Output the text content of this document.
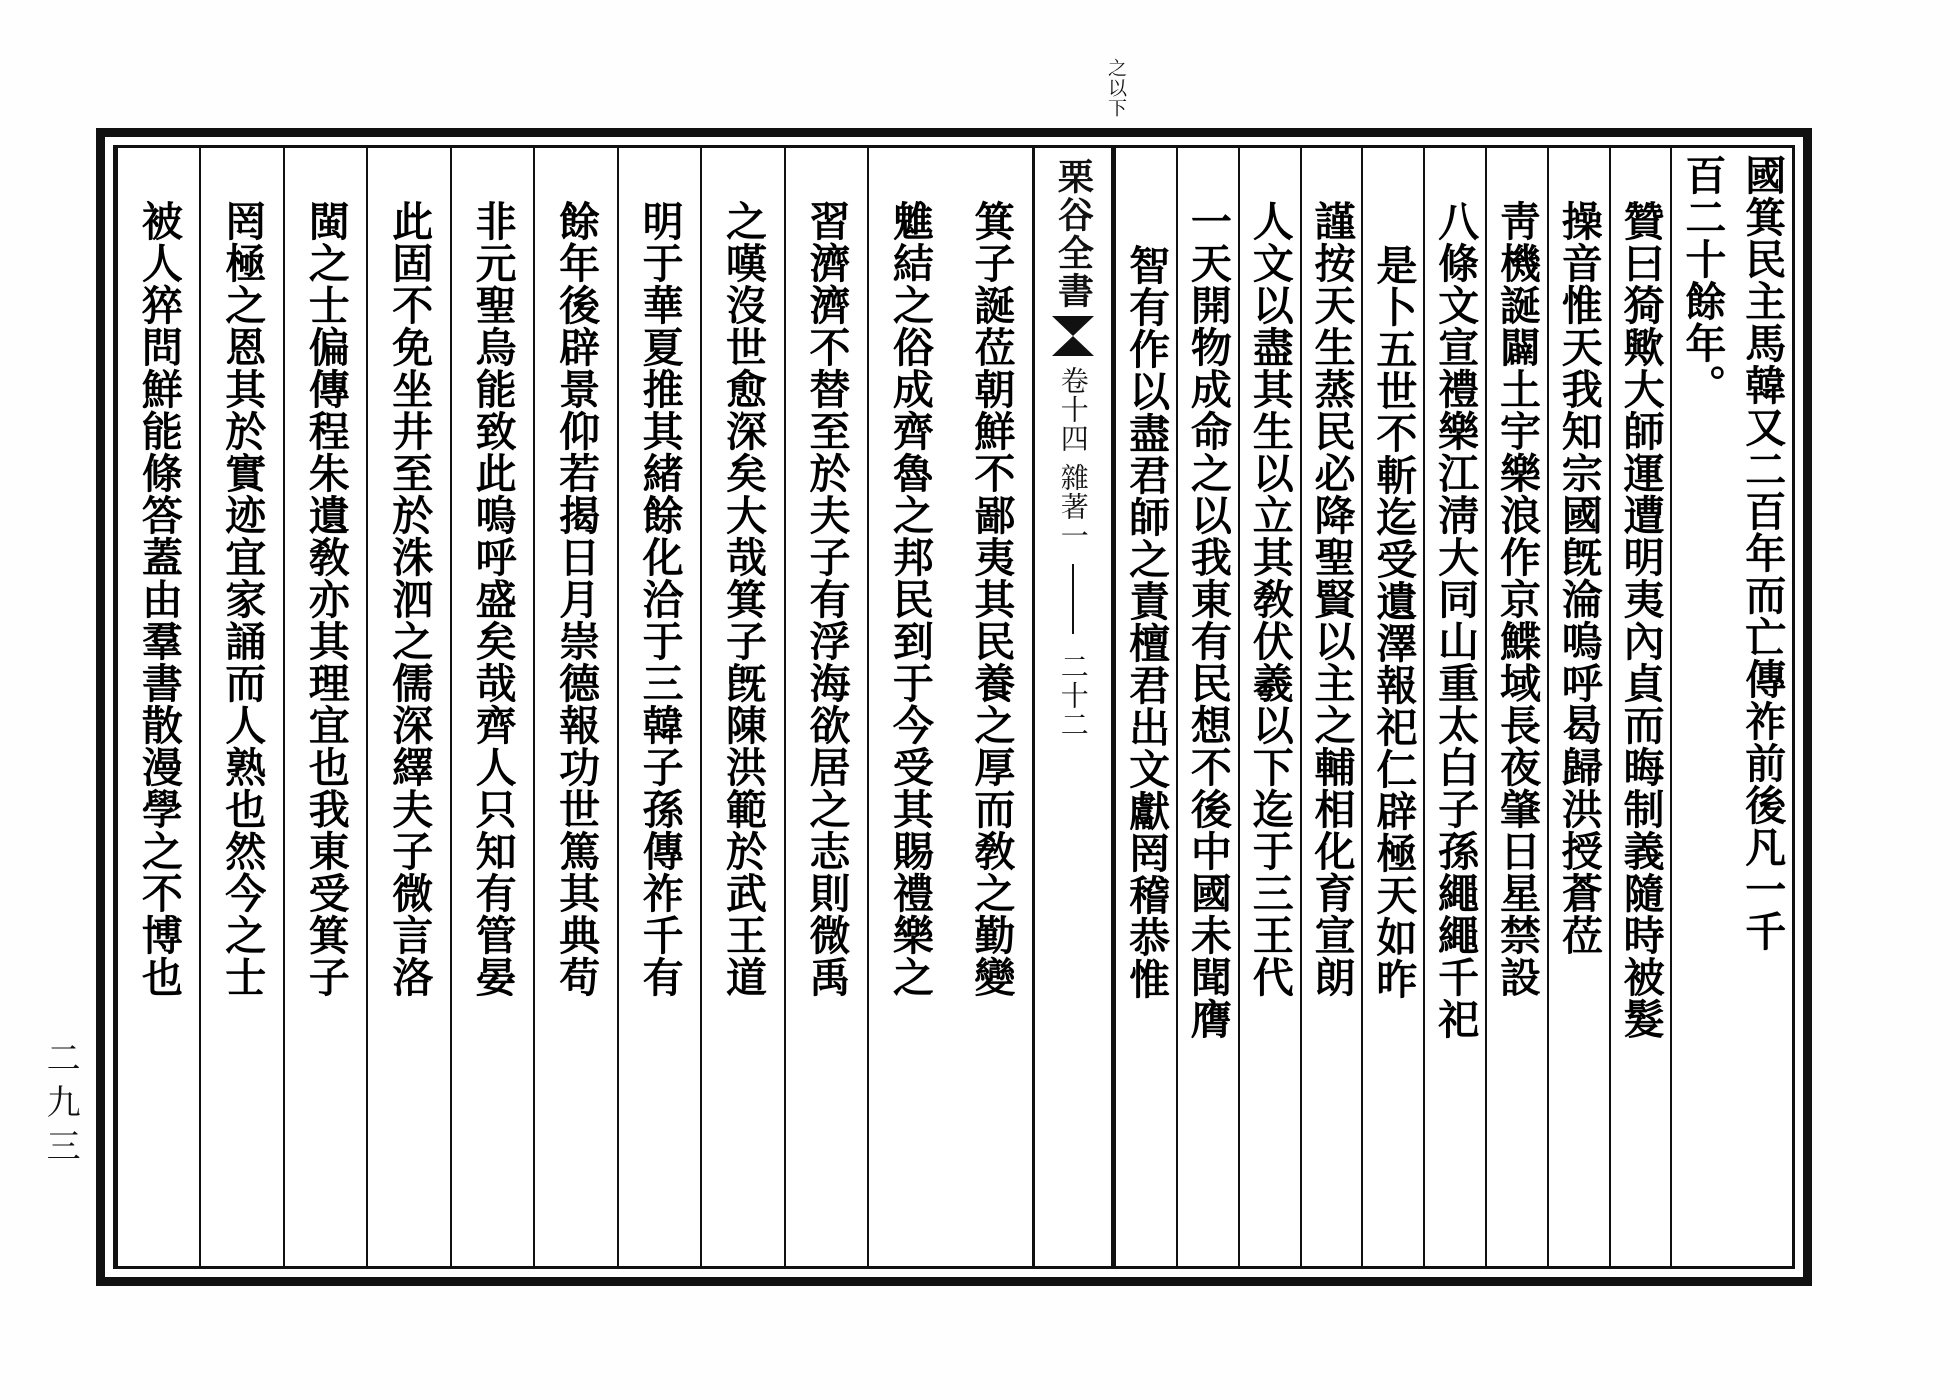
之以下
二九三
國箕民主馬韓又二百年而亡傳祚前後凡一千
百二十餘年。
贊曰猗歟大師運遭明夷內貞而晦制義隨時被髮
操音惟天我知宗國旣淪嗚呼曷歸洪授蒼莅
靑機誕闢土宇樂浪作京鰈域長夜肇日星禁設
八條文宣禮樂江淸大同山重太白子孫繩繩千祀
是卜五世不斬迄受遺澤報祀仁辟極天如昨
謹按天生蒸民必降聖賢以主之輔相化育宣朗
人文以盡其生以立其敎伏羲以下迄于三王代
一天開物成命之以我東有民想不後中國未聞膺
智有作以盡君師之責檀君出文獻罔稽恭惟
栗谷全書
卷十四
雜著一
二十二
箕子誕莅朝鮮不鄙夷其民養之厚而敎之勤變
魋結之俗成齊魯之邦民到于今受其賜禮樂之
習濟濟不替至於夫子有浮海欲居之志則微禹
之嘆沒世愈深矣大哉箕子旣陳洪範於武王道
明于華夏推其緒餘化洽于三韓子孫傳祚千有
餘年後辟景仰若揭日月崇德報功世篤其典苟
非元聖烏能致此嗚呼盛矣哉齊人只知有管晏
此固不免坐井至於洙泗之儒深繹夫子微言洛
閩之士偏傳程朱遺敎亦其理宜也我東受箕子
罔極之恩其於實迹宜家誦而人熟也然今之士
被人猝問鮮能條答蓋由羣書散漫學之不博也
